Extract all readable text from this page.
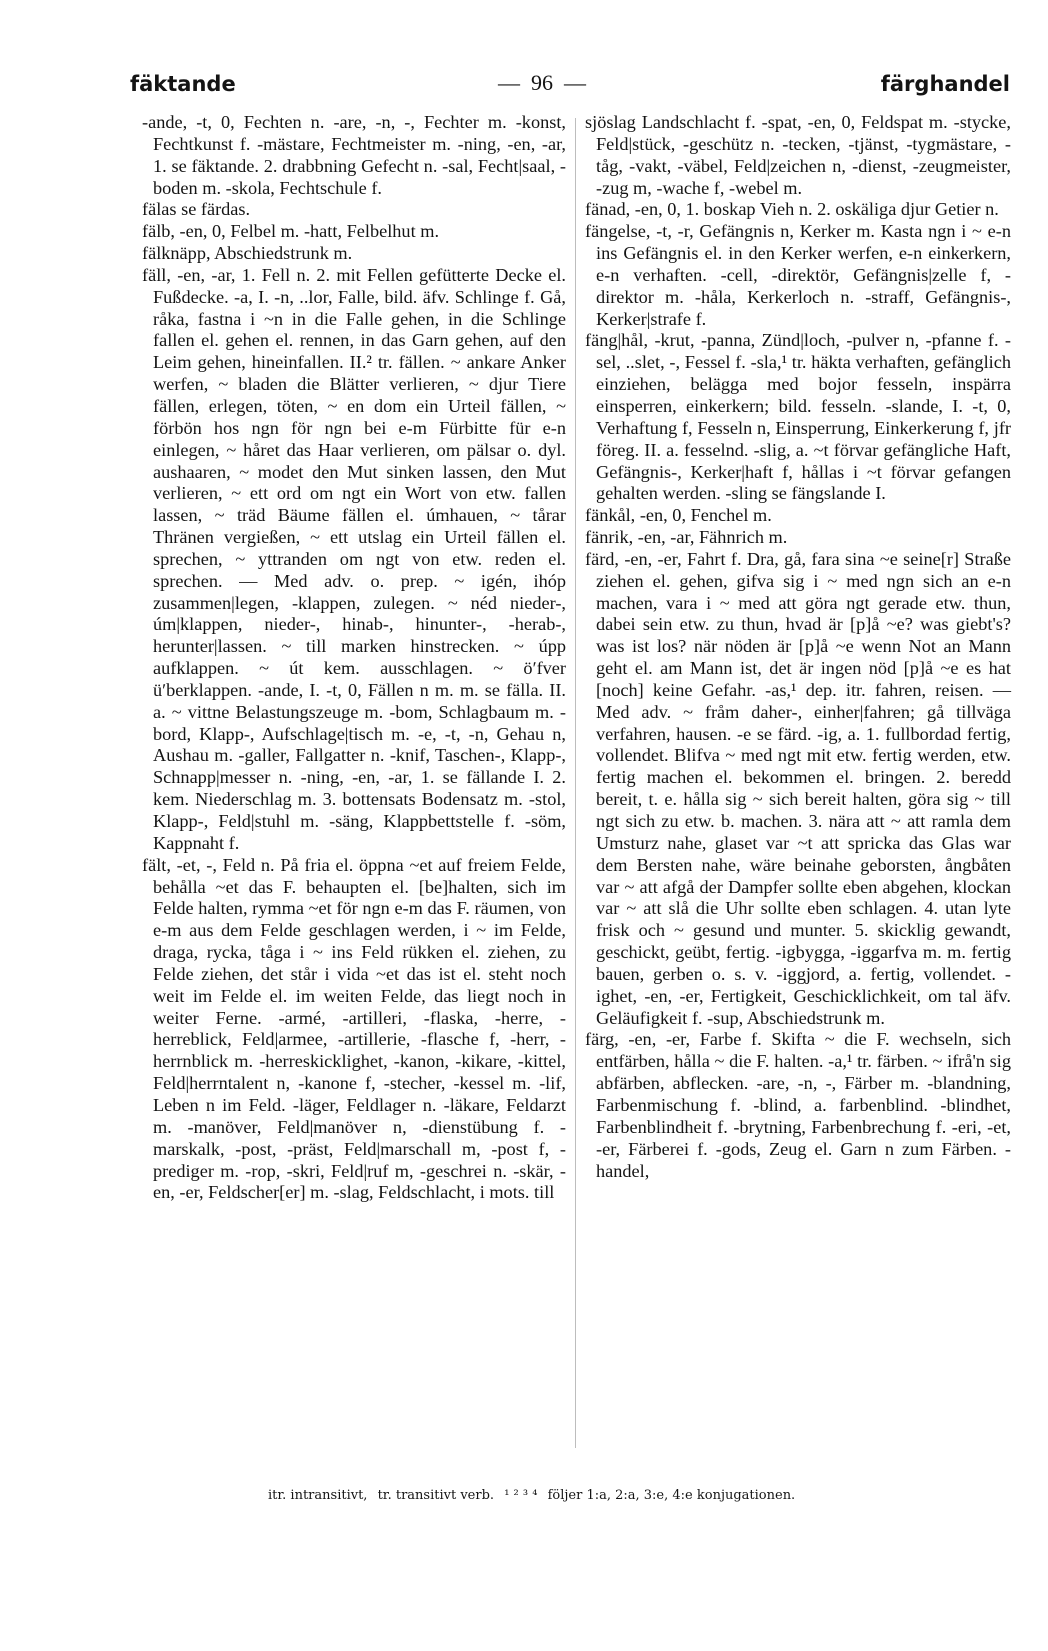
fäktande	—  96  —	färghandel

-ande, -t, 0, Fechten n. -are, -n, -, Fechter m. -konst, Fechtkunst f. -mästare, Fechtmeister m. -ning, -en, -ar, 1. se fäktande. 2. drabbning Gefecht n. -sal, Fecht|saal, -boden m. -skola, Fechtschule f.

fälas se färdas.

fälb, -en, 0, Felbel m. -hatt, Felbelhut m.

fälknäpp, Abschiedstrunk m.

fäll, -en, -ar, 1. Fell n. 2. mit Fellen gefütterte Decke el. Fußdecke. -a, I. -n, ..lor, Falle, bild. äfv. Schlinge f. Gå, råka, fastna i ~n in die Falle gehen, in die Schlinge fallen el. gehen el. rennen, in das Garn gehen, auf den Leim gehen, hineinfallen. II.² tr. fällen. ~ ankare Anker werfen, ~ bladen die Blätter verlieren, ~ djur Tiere fällen, erlegen, töten, ~ en dom ein Urteil fällen, ~ förbön hos ngn för ngn bei e-m Fürbitte für e-n einlegen, ~ håret das Haar verlieren, om pälsar o. dyl. aushaaren, ~ modet den Mut sinken lassen, den Mut verlieren, ~ ett ord om ngt ein Wort von etw. fallen lassen, ~ träd Bäume fällen el. úmhauen, ~ tårar Thränen vergießen, ~ ett utslag ein Urteil fällen el. sprechen, ~ yttranden om ngt von etw. reden el. sprechen. — Med adv. o. prep. ~ igén, ihóp zusammen|legen, -klappen, zulegen. ~ néd nieder-, úm|klappen, nieder-, hinab-, hinunter-, -herab-, herunter|lassen. ~ till marken hinstrecken. ~ úpp aufklappen. ~ út kem. ausschlagen. ~ öʹfver üʹberklappen. -ande, I. -t, 0, Fällen n m. m. se fälla. II. a. ~ vittne Belastungszeuge m. -bom, Schlagbaum m. -bord, Klapp-, Aufschlage|tisch m. -e, -t, -n, Gehau n, Aushau m. -galler, Fallgatter n. -knif, Taschen-, Klapp-, Schnapp|messer n. -ning, -en, -ar, 1. se fällande I. 2. kem. Niederschlag m. 3. bottensats Bodensatz m. -stol, Klapp-, Feld|stuhl m. -säng, Klappbettstelle f. -söm, Kappnaht f.

fält, -et, -, Feld n. På fria el. öppna ~et auf freiem Felde, behålla ~et das F. behaupten el. [be]halten, sich im Felde halten, rymma ~et för ngn e-m das F. räumen, von e-m aus dem Felde geschlagen werden, i ~ im Felde, draga, rycka, tåga i ~ ins Feld rükken el. ziehen, zu Felde ziehen, det står i vida ~et das ist el. steht noch weit im Felde el. im weiten Felde, das liegt noch in weiter Ferne. -armé, -artilleri, -flaska, -herre, -herreblick, Feld|armee, -artillerie, -flasche f, -herr, -herrnblick m. -herreskicklighet, -kanon, -kikare, -kittel, Feld|herrntalent n, -kanone f, -stecher, -kessel m. -lif, Leben n im Feld. -läger, Feldlager n. -läkare, Feldarzt m. -manöver, Feld|manöver n, -dienstübung f. -marskalk, -post, -präst, Feld|marschall m, -post f, -prediger m. -rop, -skri, Feld|ruf m, -geschrei n. -skär, -en, -er, Feldscher[er] m. -slag, Feldschlacht, i mots. till

sjöslag Landschlacht f. -spat, -en, 0, Feldspat m. -stycke, Feld|stück, -geschütz n. -tecken, -tjänst, -tygmästare, -tåg, -vakt, -väbel, Feld|zeichen n, -dienst, -zeugmeister, -zug m, -wache f, -webel m.

fänad, -en, 0, 1. boskap Vieh n. 2. oskäliga djur Getier n.

fängelse, -t, -r, Gefängnis n, Kerker m. Kasta ngn i ~ e-n ins Gefängnis el. in den Kerker werfen, e-n einkerkern, e-n verhaften. -cell, -direktör, Gefängnis|zelle f, -direktor m. -håla, Kerkerloch n. -straff, Gefängnis-, Kerker|strafe f.

fäng|hål, -krut, -panna, Zünd|loch, -pulver n, -pfanne f. -sel, ..slet, -, Fessel f. -sla,¹ tr. häkta verhaften, gefänglich einziehen, belägga med bojor fesseln, inspärra einsperren, einkerkern; bild. fesseln. -slande, I. -t, 0, Verhaftung f, Fesseln n, Einsperrung, Einkerkerung f, jfr föreg. II. a. fesselnd. -slig, a. ~t förvar gefängliche Haft, Gefängnis-, Kerker|haft f, hållas i ~t förvar gefangen gehalten werden. -sling se fängslande I.

fänkål, -en, 0, Fenchel m.

fänrik, -en, -ar, Fähnrich m.

färd, -en, -er, Fahrt f. Dra, gå, fara sina ~e seine[r] Straße ziehen el. gehen, gifva sig i ~ med ngn sich an e-n machen, vara i ~ med att göra ngt gerade etw. thun, dabei sein etw. zu thun, hvad är [p]å ~e? was giebt's? was ist los? när nöden är [p]å ~e wenn Not an Mann geht el. am Mann ist, det är ingen nöd [p]å ~e es hat [noch] keine Gefahr. -as,¹ dep. itr. fahren, reisen. — Med adv. ~ fråm daher-, einher|fahren; gå tillväga verfahren, hausen. -e se färd. -ig, a. 1. fullbordad fertig, vollendet. Blifva ~ med ngt mit etw. fertig werden, etw. fertig machen el. bekommen el. bringen. 2. beredd bereit, t. e. hålla sig ~ sich bereit halten, göra sig ~ till ngt sich zu etw. b. machen. 3. nära att ~ att ramla dem Umsturz nahe, glaset var ~t att spricka das Glas war dem Bersten nahe, wäre beinahe geborsten, ångbåten var ~ att afgå der Dampfer sollte eben abgehen, klockan var ~ att slå die Uhr sollte eben schlagen. 4. utan lyte frisk och ~ gesund und munter. 5. skicklig gewandt, geschickt, geübt, fertig. -igbygga, -iggarfva m. m. fertig bauen, gerben o. s. v. -iggjord, a. fertig, vollendet. -ighet, -en, -er, Fertigkeit, Geschicklichkeit, om tal äfv. Geläufigkeit f. -sup, Abschiedstrunk m.

färg, -en, -er, Farbe f. Skifta ~ die F. wechseln, sich entfärben, hålla ~ die F. halten. -a,¹ tr. färben. ~ ifrå'n sig abfärben, abflecken. -are, -n, -, Färber m. -blandning, Farbenmischung f. -blind, a. farbenblind. -blindhet, Farbenblindheit f. -brytning, Farbenbrechung f. -eri, -et, -er, Färberei f. -gods, Zeug el. Garn n zum Färben. -handel,

itr. intransitivt, tr. transitivt verb. ¹ ² ³ ⁴ följer 1:a, 2:a, 3:e, 4:e konjugationen.
